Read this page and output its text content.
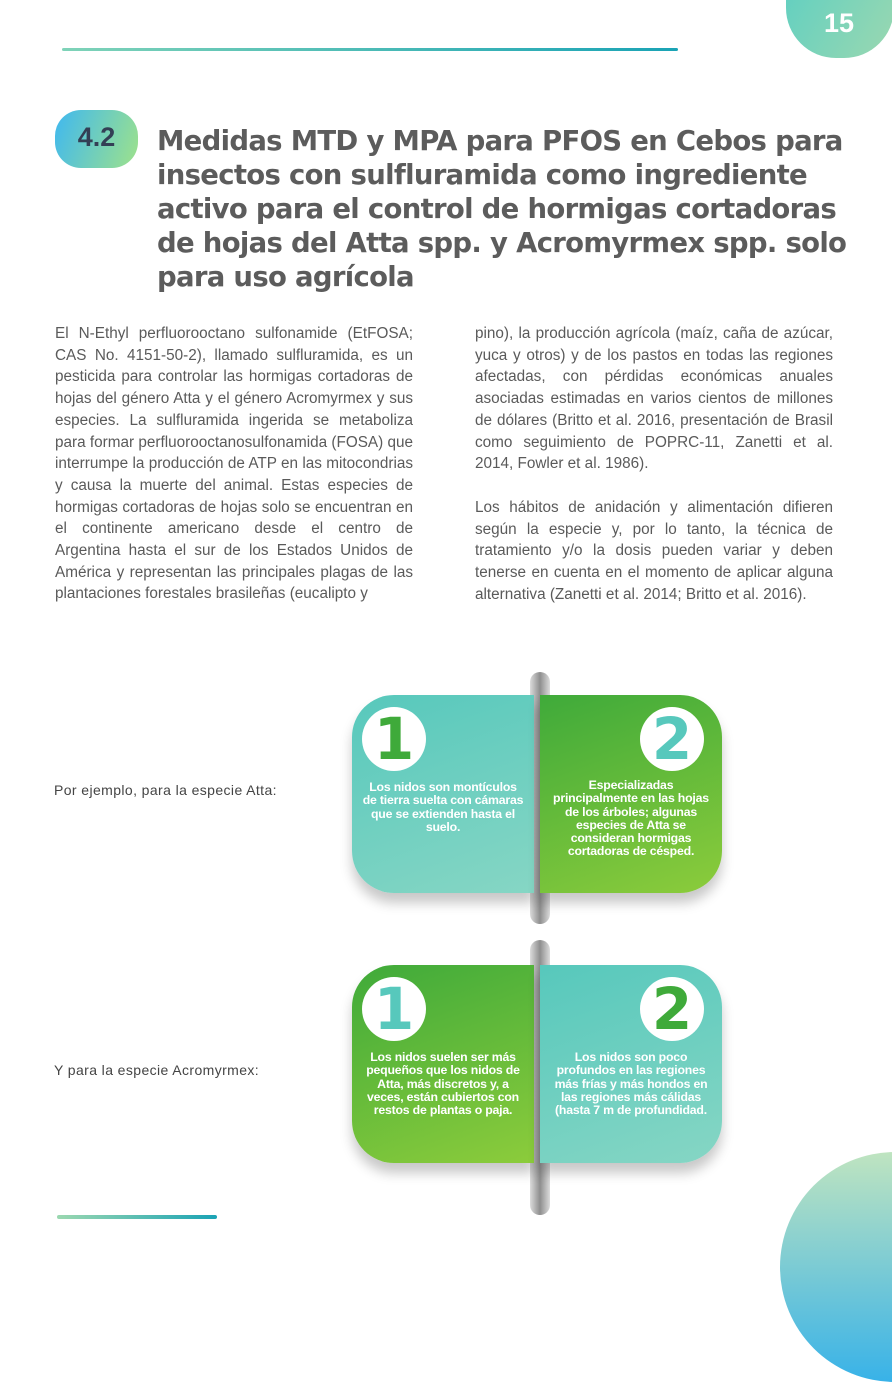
15
4.2	Medidas MTD y MPA para PFOS en Cebos para insectos con sulfluramida como ingrediente activo para el control de hormigas cortadoras de hojas del Atta spp. y Acromyrmex spp. solo para uso agrícola

El N-Ethyl perfluorooctano sulfonamide (EtFOSA; CAS No. 4151-50-2), llamado sulfluramida, es un pesticida para controlar las hormigas cortadoras de hojas del género Atta y el género Acromyrmex y sus especies. La sulfluramida ingerida se metaboliza para formar perfluorooctanosulfonamida (FOSA) que interrumpe la producción de ATP en las mitocondrias y causa la muerte del animal. Estas especies de hormigas cortadoras de hojas solo se encuentran en el continente americano desde el centro de Argentina hasta el sur de los Estados Unidos de América y representan las principales plagas de las plantaciones forestales brasileñas (eucalipto y

pino), la producción agrícola (maíz, caña de azúcar, yuca y otros) y de los pastos en todas las regiones afectadas, con pérdidas económicas anuales asociadas estimadas en varios cientos de millones de dólares (Britto et al. 2016, presentación de Brasil como seguimiento de POPRC-11, Zanetti et al. 2014, Fowler et al. 1986).

Los hábitos de anidación y alimentación difieren según la especie y, por lo tanto, la técnica de tratamiento y/o la dosis pueden variar y deben tenerse en cuenta en el momento de aplicar alguna alternativa (Zanetti et al. 2014; Britto et al. 2016).

Por ejemplo, para la especie Atta:
1
Los nidos son montículos de tierra suelta con cámaras que se extienden hasta el suelo.
2
Especializadas principalmente en las hojas de los árboles; algunas especies de Atta se consideran hormigas cortadoras de césped.
Y para la especie Acromyrmex:
1
Los nidos suelen ser más pequeños que los nidos de Atta, más discretos y, a veces, están cubiertos con restos de plantas o paja.
2
Los nidos son poco profundos en las regiones más frías y más hondos en las regiones más cálidas (hasta 7 m de profundidad.
